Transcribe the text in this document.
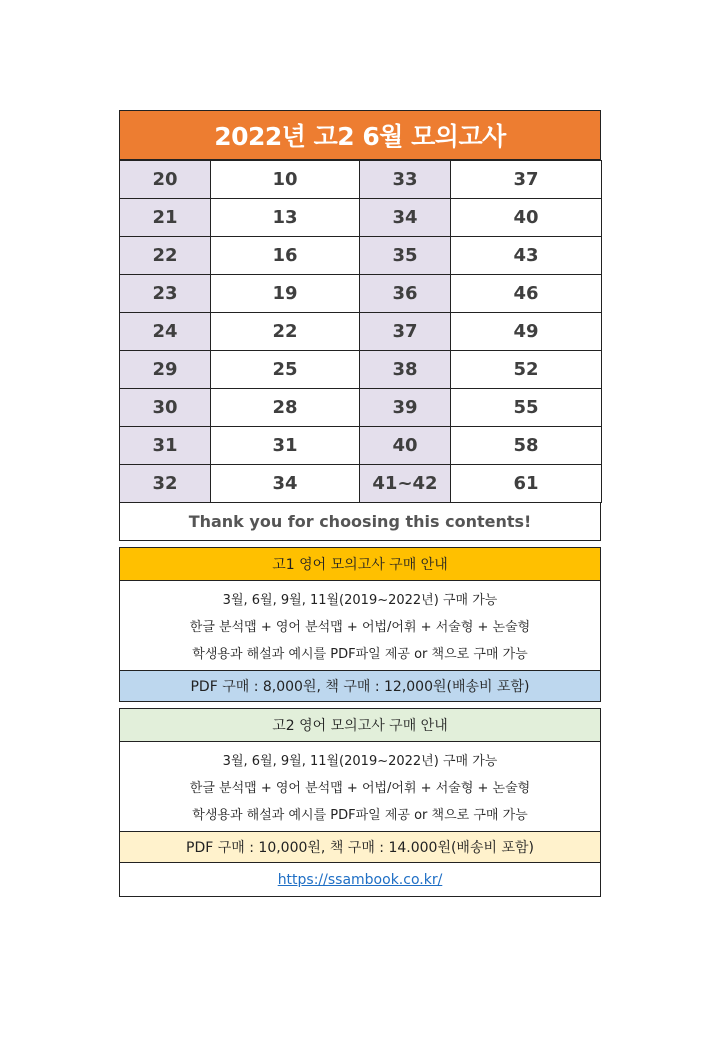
2022년 고2 6월 모의고사
20	10	33	37
21	13	34	40
22	16	35	43
23	19	36	46
24	22	37	49
29	25	38	52
30	28	39	55
31	31	40	58
32	34	41~42	61
Thank you for choosing this contents!
고1 영어 모의고사 구매 안내
3월, 6월, 9월, 11월(2019~2022년) 구매 가능
한글 분석맵 + 영어 분석맵 + 어법/어휘 + 서술형 + 논술형
학생용과 해설과 예시를 PDF파일 제공 or 책으로 구매 가능
PDF 구매 : 8,000원, 책 구매 : 12,000원(배송비 포함)
고2 영어 모의고사 구매 안내
3월, 6월, 9월, 11월(2019~2022년) 구매 가능
한글 분석맵 + 영어 분석맵 + 어법/어휘 + 서술형 + 논술형
학생용과 해설과 예시를 PDF파일 제공 or 책으로 구매 가능
PDF 구매 : 10,000원, 책 구매 : 14.000원(배송비 포함)
https://ssambook.co.kr/
